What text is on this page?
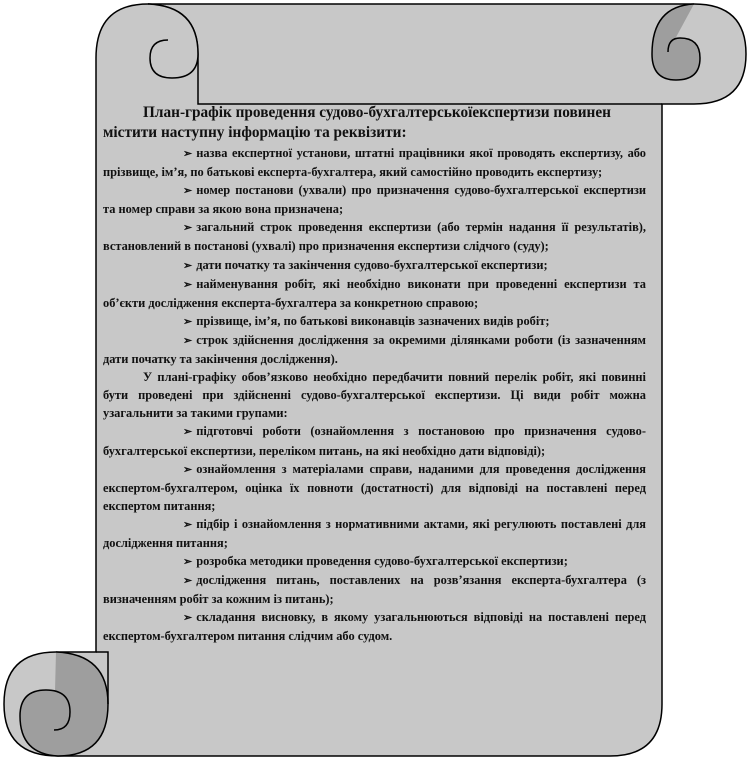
План-графік проведення судово-бухгалтерськоїекспертизи повинен містити наступну інформацію та реквізити:

➢ назва експертної установи, штатні працівники якої проводять експертизу, або прізвище, ім’я, по батькові експерта-бухгалтера, який самостійно проводить експертизу;

➢ номер постанови (ухвали) про призначення судово-бухгалтерської експертизи та номер справи за якою вона призначена;

➢ загальний строк проведення експертизи (або термін надання її результатів), встановлений в постанові (ухвалі) про призначення експертизи слідчого (суду);

➢ дати початку та закінчення судово-бухгалтерської експертизи;

➢ найменування робіт, які необхідно виконати при проведенні експертизи та об’єкти дослідження експерта-бухгалтера за конкретною справою;

➢ прізвище, ім’я, по батькові виконавців зазначених видів робіт;

➢ строк здійснення дослідження за окремими ділянками роботи (із зазначенням дати початку та закінчення дослідження).

У плані-графіку обов’язково необхідно передбачити повний перелік робіт, які повинні бути проведені при здійсненні судово-бухгалтерської експертизи. Ці види робіт можна узагальнити за такими групами:

➢ підготовчі роботи (ознайомлення з постановою про призначення судово-бухгалтерської експертизи, переліком питань, на які необхідно дати відповіді);

➢ ознайомлення з матеріалами справи, наданими для проведення дослідження експертом-бухгалтером, оцінка їх повноти (достатності) для відповіді на поставлені перед експертом питання;

➢ підбір і ознайомлення з нормативними актами, які регулюють поставлені для дослідження питання;

➢ розробка методики проведення судово-бухгалтерської експертизи;

➢ дослідження питань, поставлених на розв’язання експерта-бухгалтера (з визначенням робіт за кожним із питань);

➢ складання висновку, в якому узагальнюються відповіді на поставлені перед експертом-бухгалтером питання слідчим або судом.
